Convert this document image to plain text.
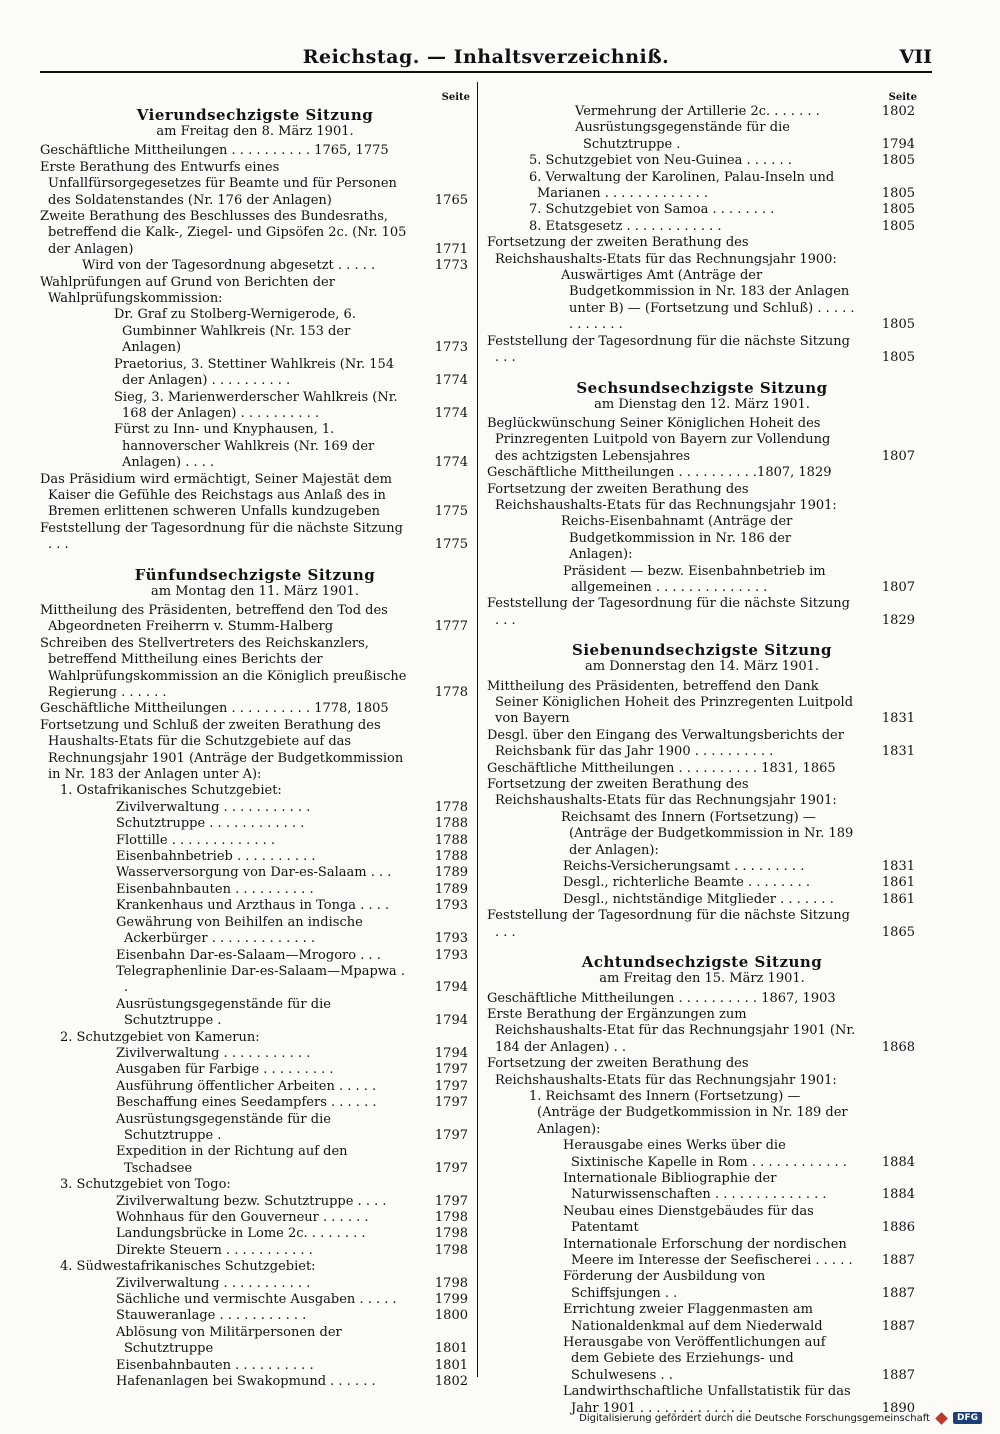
Reichstag. — Inhaltsverzeichniß.	VII
Seite
Vierundsechzigste Sitzung
am Freitag den 8. März 1901.
Geschäftliche Mittheilungen . . . . . . . . . . 1765, 1775
Erste Berathung des Entwurfs eines Unfallfürsorgegesetzes für Beamte und für Personen des Soldatenstandes (Nr. 176 der Anlagen)	1765
Zweite Berathung des Beschlusses des Bundesraths, betreffend die Kalk-, Ziegel- und Gipsöfen 2c. (Nr. 105 der Anlagen)	1771
Wird von der Tagesordnung abgesetzt . . . . .	1773
Wahlprüfungen auf Grund von Berichten der Wahlprüfungskommission:
Dr. Graf zu Stolberg-Wernigerode, 6. Gumbinner Wahlkreis (Nr. 153 der Anlagen)	1773
Praetorius, 3. Stettiner Wahlkreis (Nr. 154 der Anlagen) . . . . . . . . . .	1774
Sieg, 3. Marienwerderscher Wahlkreis (Nr. 168 der Anlagen) . . . . . . . . . .	1774
Fürst zu Inn- und Knyphausen, 1. hannoverscher Wahlkreis (Nr. 169 der Anlagen) . . . .	1774
Das Präsidium wird ermächtigt, Seiner Majestät dem Kaiser die Gefühle des Reichstags aus Anlaß des in Bremen erlittenen schweren Unfalls kundzugeben	1775
Feststellung der Tagesordnung für die nächste Sitzung . . .	1775
Fünfundsechzigste Sitzung
am Montag den 11. März 1901.
Mittheilung des Präsidenten, betreffend den Tod des Abgeordneten Freiherrn v. Stumm-Halberg	1777
Schreiben des Stellvertreters des Reichskanzlers, betreffend Mittheilung eines Berichts der Wahlprüfungskommission an die Königlich preußische Regierung . . . . . .	1778
Geschäftliche Mittheilungen . . . . . . . . . . 1778, 1805
Fortsetzung und Schluß der zweiten Berathung des Haushalts-Etats für die Schutzgebiete auf das Rechnungsjahr 1901 (Anträge der Budgetkommission in Nr. 183 der Anlagen unter A):
1. Ostafrikanisches Schutzgebiet:
Zivilverwaltung . . . . . . . . . . .	1778
Schutztruppe . . . . . . . . . . . .	1788
Flottille . . . . . . . . . . . . .	1788
Eisenbahnbetrieb . . . . . . . . . .	1788
Wasserversorgung von Dar-es-Salaam . . .	1789
Eisenbahnbauten . . . . . . . . . .	1789
Krankenhaus und Arzthaus in Tonga . . . .	1793
Gewährung von Beihilfen an indische Ackerbürger . . . . . . . . . . . . .	1793
Eisenbahn Dar-es-Salaam—Mrogoro . . .	1793
Telegraphenlinie Dar-es-Salaam—Mpapwa . .	1794
Ausrüstungsgegenstände für die Schutztruppe .	1794
2. Schutzgebiet von Kamerun:
Zivilverwaltung . . . . . . . . . . .	1794
Ausgaben für Farbige . . . . . . . . .	1797
Ausführung öffentlicher Arbeiten . . . . .	1797
Beschaffung eines Seedampfers . . . . . .	1797
Ausrüstungsgegenstände für die Schutztruppe .	1797
Expedition in der Richtung auf den Tschadsee	1797
3. Schutzgebiet von Togo:
Zivilverwaltung bezw. Schutztruppe . . . .	1797
Wohnhaus für den Gouverneur . . . . . .	1798
Landungsbrücke in Lome 2c. . . . . . . .	1798
Direkte Steuern . . . . . . . . . . .	1798
4. Südwestafrikanisches Schutzgebiet:
Zivilverwaltung . . . . . . . . . . .	1798
Sächliche und vermischte Ausgaben . . . . .	1799
Stauweranlage . . . . . . . . . . .	1800
Ablösung von Militärpersonen der Schutztruppe	1801
Eisenbahnbauten . . . . . . . . . .	1801
Hafenanlagen bei Swakopmund . . . . . .	1802
Seite
Vermehrung der Artillerie 2c. . . . . . .	1802
Ausrüstungsgegenstände für die Schutztruppe .	1794
5. Schutzgebiet von Neu-Guinea . . . . . .	1805
6. Verwaltung der Karolinen, Palau-Inseln und Marianen . . . . . . . . . . . . .	1805
7. Schutzgebiet von Samoa . . . . . . . .	1805
8. Etatsgesetz . . . . . . . . . . . .	1805
Fortsetzung der zweiten Berathung des Reichshaushalts-Etats für das Rechnungsjahr 1900:
Auswärtiges Amt (Anträge der Budgetkommission in Nr. 183 der Anlagen unter B) — (Fortsetzung und Schluß) . . . . . . . . . . . .	1805
Feststellung der Tagesordnung für die nächste Sitzung . . .	1805
Sechsundsechzigste Sitzung
am Dienstag den 12. März 1901.
Beglückwünschung Seiner Königlichen Hoheit des Prinzregenten Luitpold von Bayern zur Vollendung des achtzigsten Lebensjahres	1807
Geschäftliche Mittheilungen . . . . . . . . . .1807, 1829
Fortsetzung der zweiten Berathung des Reichshaushalts-Etats für das Rechnungsjahr 1901:
Reichs-Eisenbahnamt (Anträge der Budgetkommission in Nr. 186 der Anlagen):
Präsident — bezw. Eisenbahnbetrieb im allgemeinen . . . . . . . . . . . . . .	1807
Feststellung der Tagesordnung für die nächste Sitzung . . .	1829
Siebenundsechzigste Sitzung
am Donnerstag den 14. März 1901.
Mittheilung des Präsidenten, betreffend den Dank Seiner Königlichen Hoheit des Prinzregenten Luitpold von Bayern	1831
Desgl. über den Eingang des Verwaltungsberichts der Reichsbank für das Jahr 1900 . . . . . . . . . .	1831
Geschäftliche Mittheilungen . . . . . . . . . . 1831, 1865
Fortsetzung der zweiten Berathung des Reichshaushalts-Etats für das Rechnungsjahr 1901:
Reichsamt des Innern (Fortsetzung) — (Anträge der Budgetkommission in Nr. 189 der Anlagen):
Reichs-Versicherungsamt . . . . . . . . .	1831
Desgl., richterliche Beamte . . . . . . . .	1861
Desgl., nichtständige Mitglieder . . . . . . .	1861
Feststellung der Tagesordnung für die nächste Sitzung . . .	1865
Achtundsechzigste Sitzung
am Freitag den 15. März 1901.
Geschäftliche Mittheilungen . . . . . . . . . . 1867, 1903
Erste Berathung der Ergänzungen zum Reichshaushalts-Etat für das Rechnungsjahr 1901 (Nr. 184 der Anlagen) . .	1868
Fortsetzung der zweiten Berathung des Reichshaushalts-Etats für das Rechnungsjahr 1901:
1. Reichsamt des Innern (Fortsetzung) — (Anträge der Budgetkommission in Nr. 189 der Anlagen):
Herausgabe eines Werks über die Sixtinische Kapelle in Rom . . . . . . . . . . . .	1884
Internationale Bibliographie der Naturwissenschaften . . . . . . . . . . . . . .	1884
Neubau eines Dienstgebäudes für das Patentamt	1886
Internationale Erforschung der nordischen Meere im Interesse der Seefischerei . . . . . 1887
Förderung der Ausbildung von Schiffsjungen . .	1887
Errichtung zweier Flaggenmasten am Nationaldenkmal auf dem Niederwald	1887
Herausgabe von Veröffentlichungen auf dem Gebiete des Erziehungs- und Schulwesens . .	1887
Landwirthschaftliche Unfallstatistik für das Jahr 1901 . . . . . . . . . . . . . .	1890
Digitalisierung gefördert durch die Deutsche Forschungsgemeinschaft	DFG
